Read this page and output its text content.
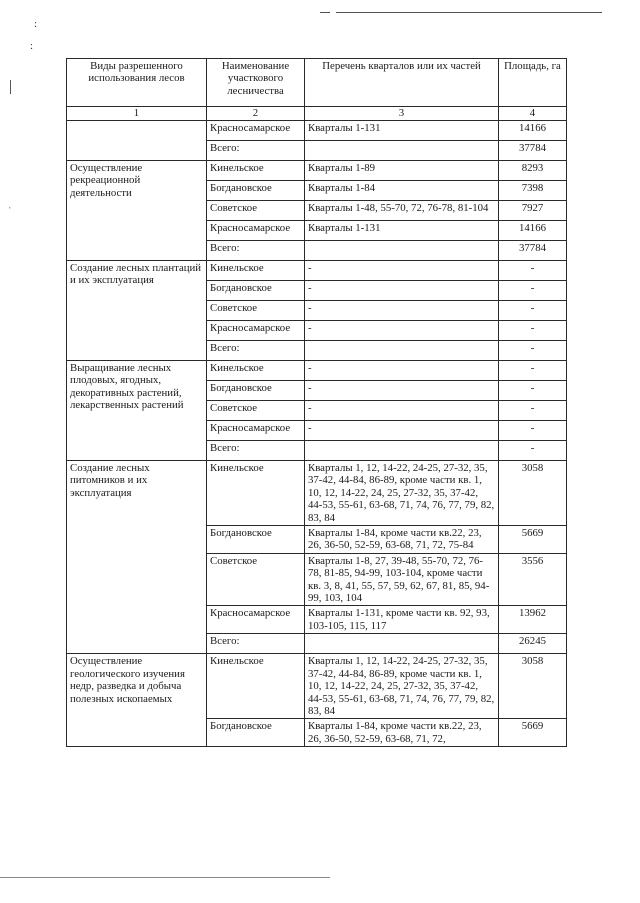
:
:
ˈ
Виды разрешенного использования лесов	Наименование участкового лесничества	Перечень кварталов или их частей	Площадь, га
1	2	3	4
	Красносамарское	Кварталы 1-131	14166
	Всего:		37784
Осуществление рекреационной деятельности	Кинельское	Кварталы 1-89	8293
	Богдановское	Кварталы 1-84	7398
	Советское	Кварталы 1-48, 55-70, 72, 76-78, 81-104	7927
	Красносамарское	Кварталы 1-131	14166
	Всего:		37784
Создание лесных плантаций и их эксплуатация	Кинельское	-	-
	Богдановское	-	-
	Советское	-	-
	Красносамарское	-	-
	Всего:		-
Выращивание лесных плодовых, ягодных, декоративных растений, лекарственных растений	Кинельское	-	-
	Богдановское	-	-
	Советское	-	-
	Красносамарское	-	-
	Всего:		-
Создание лесных питомников и их эксплуатация	Кинельское	Кварталы 1, 12, 14-22, 24-25, 27-32, 35, 37-42, 44-84, 86-89, кроме части кв. 1, 10, 12, 14-22, 24, 25, 27-32, 35, 37-42, 44-53, 55-61, 63-68, 71, 74, 76, 77, 79, 82, 83, 84	3058
	Богдановское	Кварталы 1-84, кроме части кв.22, 23, 26, 36-50, 52-59, 63-68, 71, 72, 75-84	5669
	Советское	Кварталы 1-8, 27, 39-48, 55-70, 72, 76-78, 81-85, 94-99, 103-104, кроме части кв. 3, 8, 41, 55, 57, 59, 62, 67, 81, 85, 94-99, 103, 104	3556
	Красносамарское	Кварталы 1-131, кроме части кв. 92, 93, 103-105, 115, 117	13962
	Всего:		26245
Осуществление геологического изучения недр, разведка и добыча полезных ископаемых	Кинельское	Кварталы 1, 12, 14-22, 24-25, 27-32, 35, 37-42, 44-84, 86-89, кроме части кв. 1, 10, 12, 14-22, 24, 25, 27-32, 35, 37-42, 44-53, 55-61, 63-68, 71, 74, 76, 77, 79, 82, 83, 84	3058
	Богдановское	Кварталы 1-84, кроме части кв.22, 23, 26, 36-50, 52-59, 63-68, 71, 72,	5669
